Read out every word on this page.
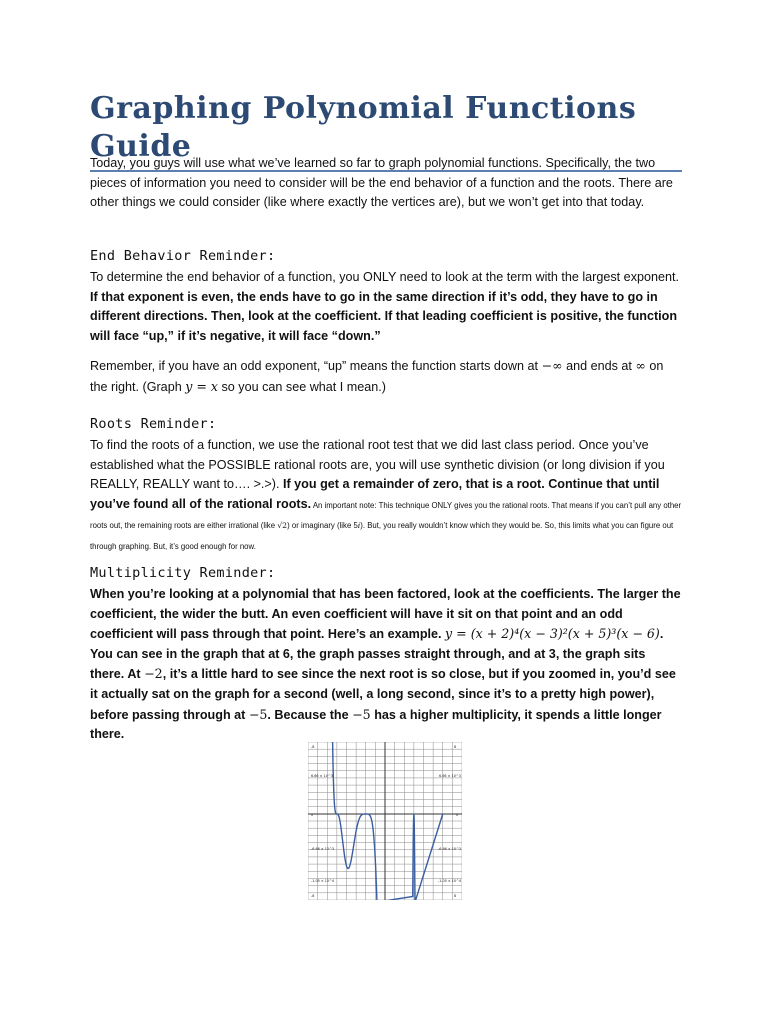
Graphing Polynomial Functions Guide

Today, you guys will use what we’ve learned so far to graph polynomial functions. Specifically, the two pieces of information you need to consider will be the end behavior of a function and the roots. There are other things we could consider (like where exactly the vertices are), but we won’t get into that today.

End Behavior Reminder:

To determine the end behavior of a function, you ONLY need to look at the term with the largest exponent. If that exponent is even, the ends have to go in the same direction if it’s odd, they have to go in different directions. Then, look at the coefficient. If that leading coefficient is positive, the function will face “up,” if it’s negative, it will face “down.”

Remember, if you have an odd exponent, “up” means the function starts down at −∞ and ends at ∞ on the right. (Graph y = x so you can see what I mean.)

Roots Reminder:

To find the roots of a function, we use the rational root test that we did last class period. Once you’ve established what the POSSIBLE rational roots are, you will use synthetic division (or long division if you REALLY, REALLY want to…. >.>). If you get a remainder of zero, that is a root. Continue that until you’ve found all of the rational roots. An important note: This technique ONLY gives you the rational roots. That means if you can’t pull any other roots out, the remaining roots are either irrational (like √2) or imaginary (like 5i). But, you really wouldn’t know which they would be. So, this limits what you can figure out through graphing. But, it’s good enough for now.

Multiplicity Reminder:

When you’re looking at a polynomial that has been factored, look at the coefficients. The larger the coefficient, the wider the butt. An even coefficient will have it sit on that point and an odd coefficient will pass through that point. Here’s an example. y = (x + 2)⁴(x − 3)²(x + 5)³(x − 6). You can see in the graph that at 6, the graph passes straight through, and at 3, the graph sits there. At −2, it’s a little hard to see since the next root is so close, but if you zoomed in, you’d see it actually sat on the graph for a second (well, a long second, since it’s to a pretty high power), before passing through at −5. Because the −5 has a higher multiplicity, it spends a little longer there.

-8	8
-8	8
6.66 × 10^3	6.66 × 10^3
0	0
-6.66 × 10^3	-6.66 × 10^3
-1.05 × 10^4	-1.05 × 10^4
